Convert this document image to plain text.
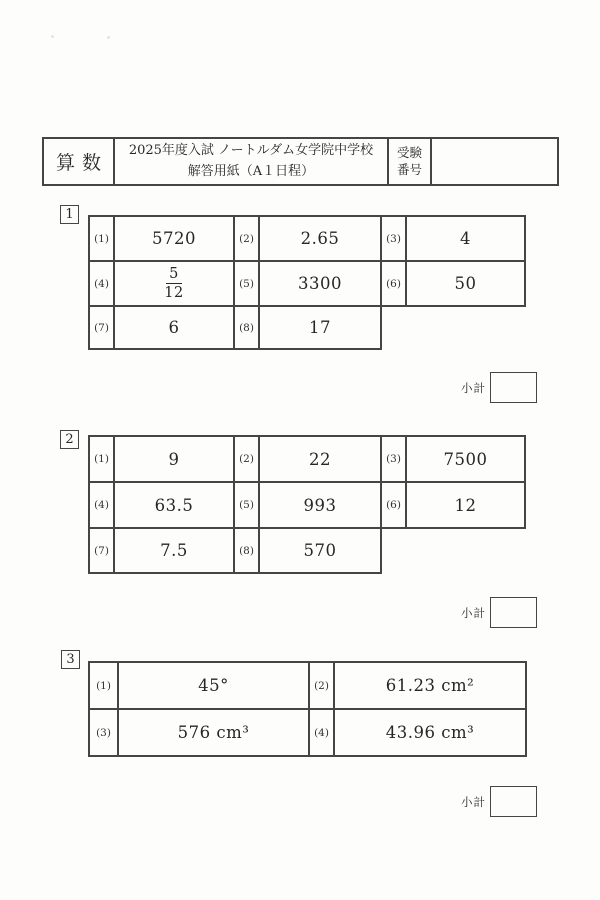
算数
2025年度入試 ノートルダム女学院中学校
解答用紙（A１日程）
受験
番号
1
(1)	5720	(2)	2.65	(3)	4
(4)	$\frac{5}{12}$	(5)	3300	(6)	50
(7)	6	(8)	17
小計
2
(1)	9	(2)	22	(3)	7500
(4)	63.5	(5)	993	(6)	12
(7)	7.5	(8)	570
小計
3
(1)	45°	(2)	61.23 cm²
(3)	576 cm³	(4)	43.96 cm³
小計
